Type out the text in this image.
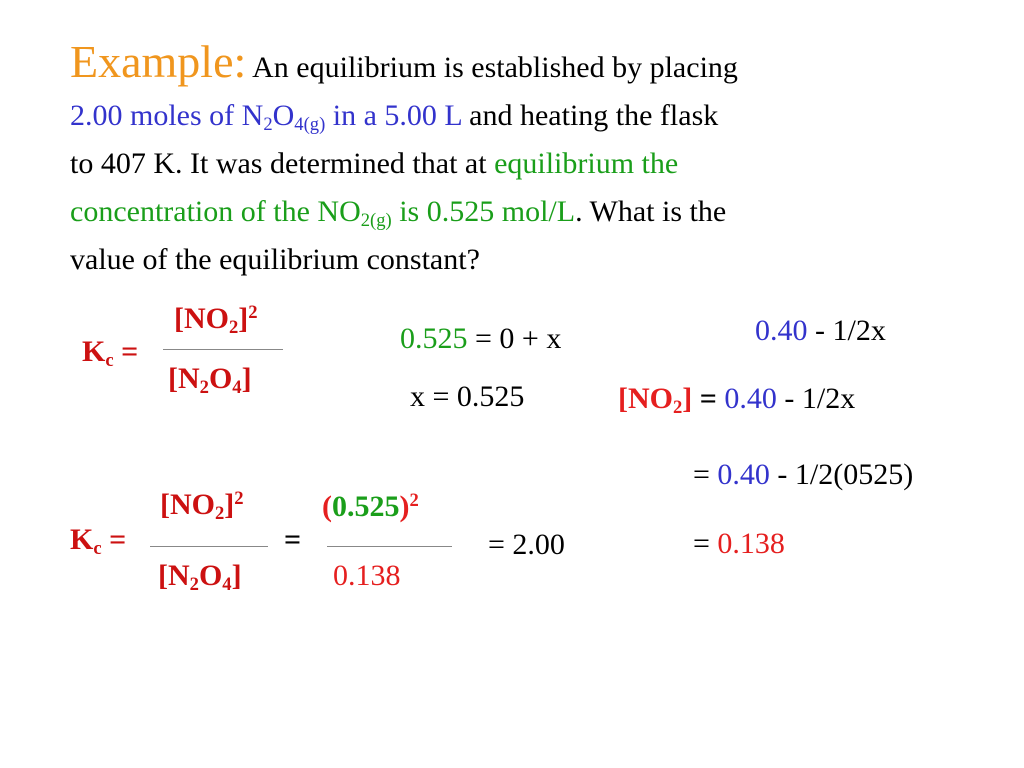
Example: An equilibrium is established by placing
2.00 moles of $N_2O_{4(g)}$ in a 5.00 L and heating the flask
to 407 K. It was determined that at equilibrium the
concentration of the $NO_{2(g)}$ is 0.525 mol/L. What is the
value of the equilibrium constant?
$K_c$ =
$[NO_2]^2$
$[N_2O_4]$
0.525 = 0 + x
x = 0.525
0.40 - 1/2x
$[NO_2] = 0.40 - 1/2x$
= 0.40 - 1/2(0525)
= 0.138
$K_c$ =
$[NO_2]^2$
$[N_2O_4]$
=
$(0.525)^2$
0.138
= 2.00
